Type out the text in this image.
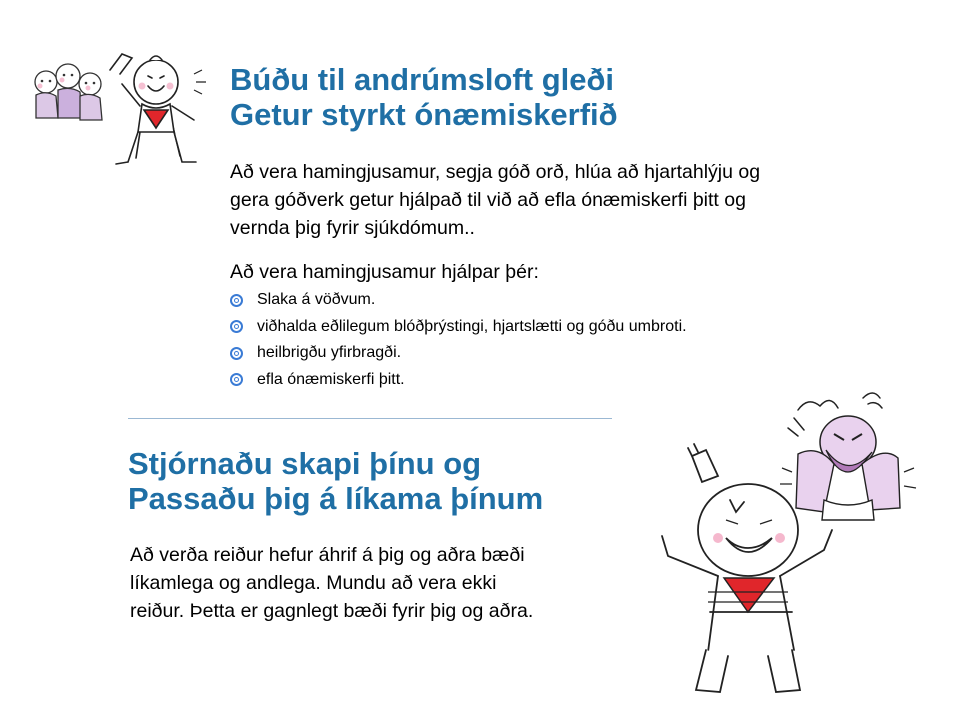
Búðu til andrúmsloft gleði
Getur styrkt ónæmiskerfið

Að vera hamingjusamur, segja góð orð, hlúa að hjartahlýju og
gera góðverk getur hjálpað til við að efla ónæmiskerfi þitt og
vernda þig fyrir sjúkdómum..

Að vera hamingjusamur hjálpar þér:

Slaka á vöðvum.
viðhalda eðlilegum blóðþrýstingi, hjartslætti og góðu umbroti.
heilbrigðu yfirbragði.
efla ónæmiskerfi þitt.
Stjórnaðu skapi þínu og
Passaðu þig á líkama þínum

Að verða reiður hefur áhrif á þig og aðra bæði
líkamlega og andlega. Mundu að vera ekki
reiður. Þetta er gagnlegt bæði fyrir þig og aðra.
